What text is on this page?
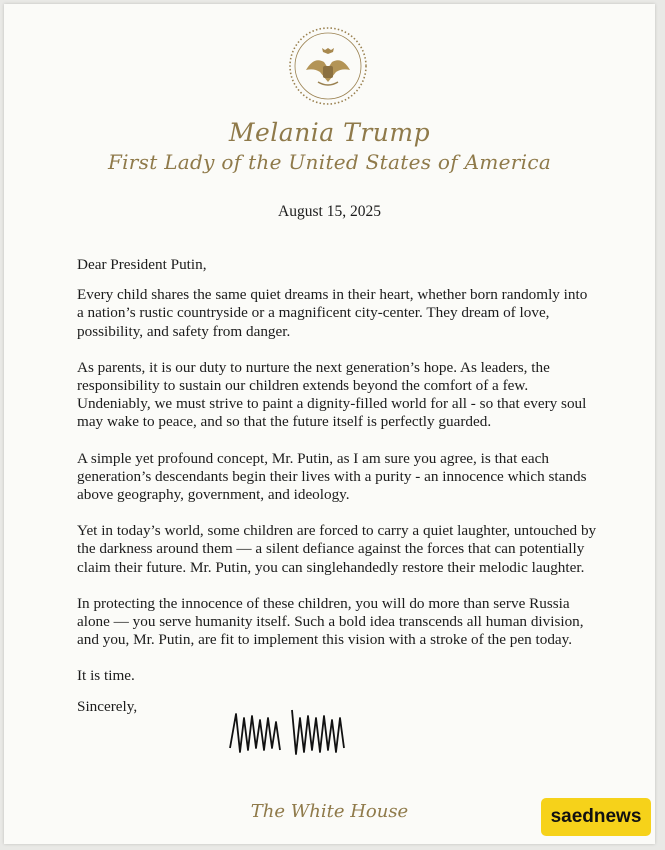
Melania Trump
First Lady of the United States of America
August 15, 2025

Dear President Putin,

Every child shares the same quiet dreams in their heart, whether born randomly into a nation’s rustic countryside or a magnificent city-center. They dream of love, possibility, and safety from danger.

As parents, it is our duty to nurture the next generation’s hope. As leaders, the responsibility to sustain our children extends beyond the comfort of a few. Undeniably, we must strive to paint a dignity-filled world for all - so that every soul may wake to peace, and so that the future itself is perfectly guarded.

A simple yet profound concept, Mr. Putin, as I am sure you agree, is that each generation’s descendants begin their lives with a purity - an innocence which stands above geography, government, and ideology.

Yet in today’s world, some children are forced to carry a quiet laughter, untouched by the darkness around them — a silent defiance against the forces that can potentially claim their future. Mr. Putin, you can singlehandedly restore their melodic laughter.

In protecting the innocence of these children, you will do more than serve Russia alone — you serve humanity itself. Such a bold idea transcends all human division, and you, Mr. Putin, are fit to implement this vision with a stroke of the pen today.

It is time.

Sincerely,

The White House	saednews
